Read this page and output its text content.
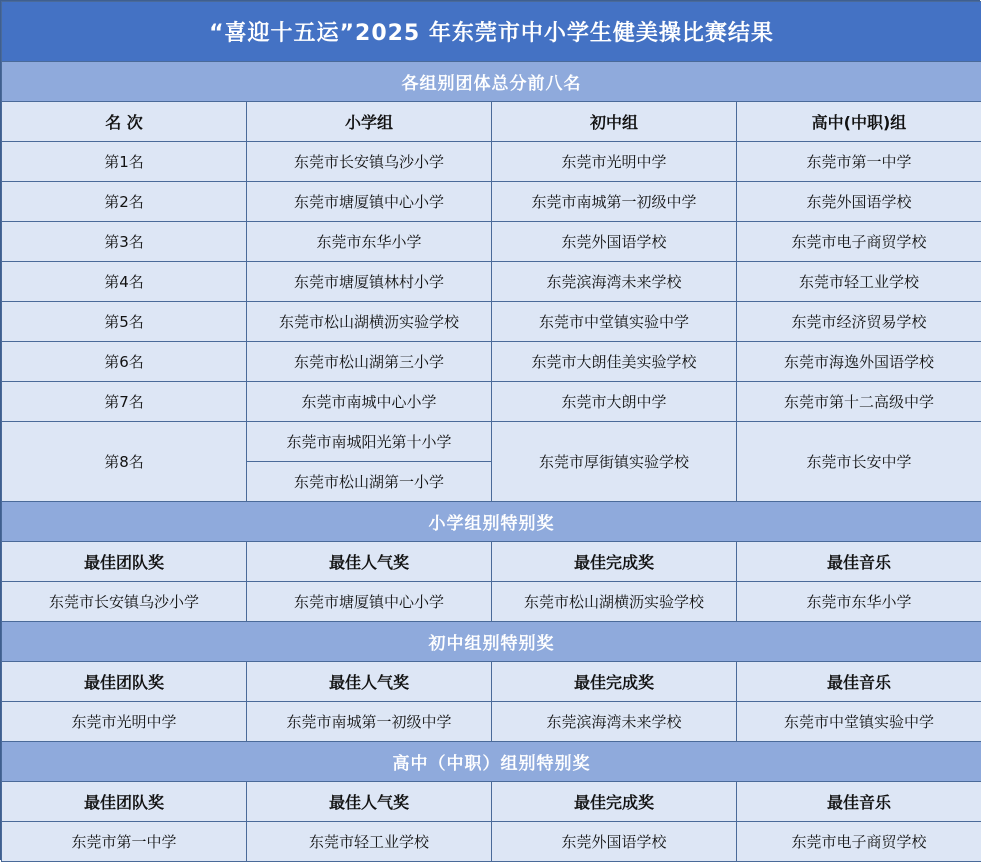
“喜迎十五运”2025 年东莞市中小学生健美操比赛结果			
各组别团体总分前八名			
名 次	小学组	初中组	高中(中职)组
第1名	东莞市长安镇乌沙小学	东莞市光明中学	东莞市第一中学
第2名	东莞市塘厦镇中心小学	东莞市南城第一初级中学	东莞外国语学校
第3名	东莞市东华小学	东莞外国语学校	东莞市电子商贸学校
第4名	东莞市塘厦镇林村小学	东莞滨海湾未来学校	东莞市轻工业学校
第5名	东莞市松山湖横沥实验学校	东莞市中堂镇实验中学	东莞市经济贸易学校
第6名	东莞市松山湖第三小学	东莞市大朗佳美实验学校	东莞市海逸外国语学校
第7名	东莞市南城中心小学	东莞市大朗中学	东莞市第十二高级中学
第8名	东莞市南城阳光第十小学	东莞市厚街镇实验学校	东莞市长安中学
	东莞市松山湖第一小学		
小学组别特别奖			
最佳团队奖	最佳人气奖	最佳完成奖	最佳音乐
东莞市长安镇乌沙小学	东莞市塘厦镇中心小学	东莞市松山湖横沥实验学校	东莞市东华小学
初中组别特别奖			
最佳团队奖	最佳人气奖	最佳完成奖	最佳音乐
东莞市光明中学	东莞市南城第一初级中学	东莞滨海湾未来学校	东莞市中堂镇实验中学
高中（中职）组别特别奖			
最佳团队奖	最佳人气奖	最佳完成奖	最佳音乐
东莞市第一中学	东莞市轻工业学校	东莞外国语学校	东莞市电子商贸学校
